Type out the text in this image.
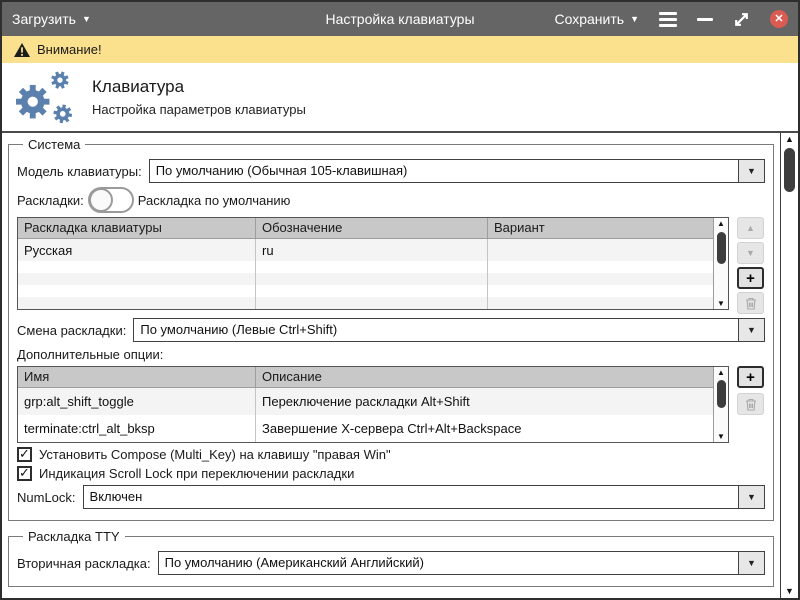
Загрузить ▼	Настройка клавиатуры	Сохранить ▼	✕
Внимание!
Клавиатура
Настройка параметров клавиатуры
Система
Модель клавиатуры:	По умолчанию (Обычная 105-клавишная)	▼
Раскладки:	Раскладка по умолчанию
Раскладка клавиатуры	Обозначение	Вариант
Русская	ru
▲
▼
▲
▼
+
Смена раскладки:	По умолчанию (Левые Ctrl+Shift)	▼
Дополнительные опции:
Имя	Описание
grp:alt_shift_toggle	Переключение раскладки Alt+Shift
terminate:ctrl_alt_bksp	Завершение X-сервера Ctrl+Alt+Backspace
▲
▼
+
✓ Установить Compose (Multi_Key) на клавишу "правая Win"
✓ Индикация Scroll Lock при переключении раскладки
NumLock:	Включен	▼
Раскладка TTY
Вторичная раскладка:	По умолчанию (Американский Английский)	▼
▲
▼
